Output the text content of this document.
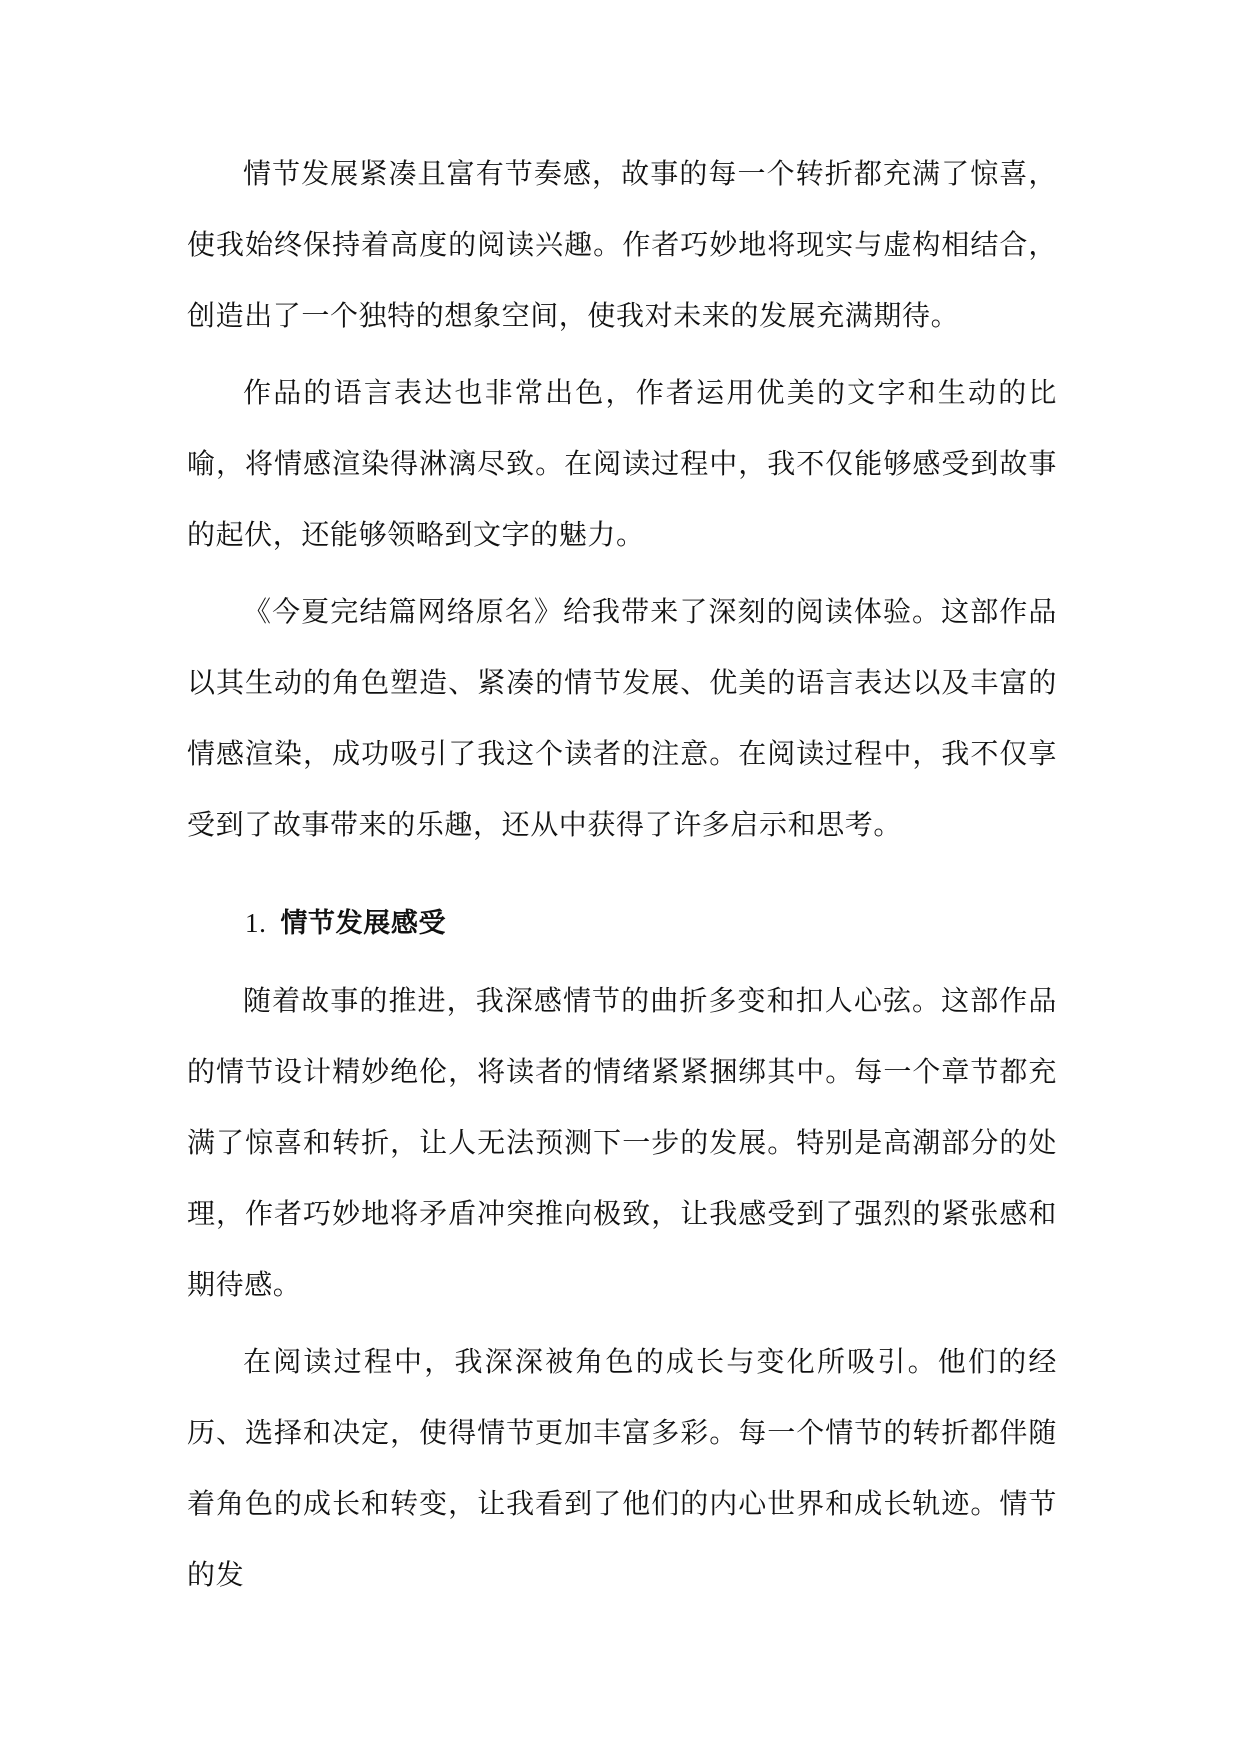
情节发展紧凑且富有节奏感，故事的每一个转折都充满了惊喜，使我始终保持着高度的阅读兴趣。作者巧妙地将现实与虚构相结合，创造出了一个独特的想象空间，使我对未来的发展充满期待。

作品的语言表达也非常出色，作者运用优美的文字和生动的比喻，将情感渲染得淋漓尽致。在阅读过程中，我不仅能够感受到故事的起伏，还能够领略到文字的魅力。

《今夏完结篇网络原名》给我带来了深刻的阅读体验。这部作品以其生动的角色塑造、紧凑的情节发展、优美的语言表达以及丰富的情感渲染，成功吸引了我这个读者的注意。在阅读过程中，我不仅享受到了故事带来的乐趣，还从中获得了许多启示和思考。

1. 情节发展感受

随着故事的推进，我深感情节的曲折多变和扣人心弦。这部作品的情节设计精妙绝伦，将读者的情绪紧紧捆绑其中。每一个章节都充满了惊喜和转折，让人无法预测下一步的发展。特别是高潮部分的处理，作者巧妙地将矛盾冲突推向极致，让我感受到了强烈的紧张感和期待感。

在阅读过程中，我深深被角色的成长与变化所吸引。他们的经历、选择和决定，使得情节更加丰富多彩。每一个情节的转折都伴随着角色的成长和转变，让我看到了他们的内心世界和成长轨迹。情节的发
